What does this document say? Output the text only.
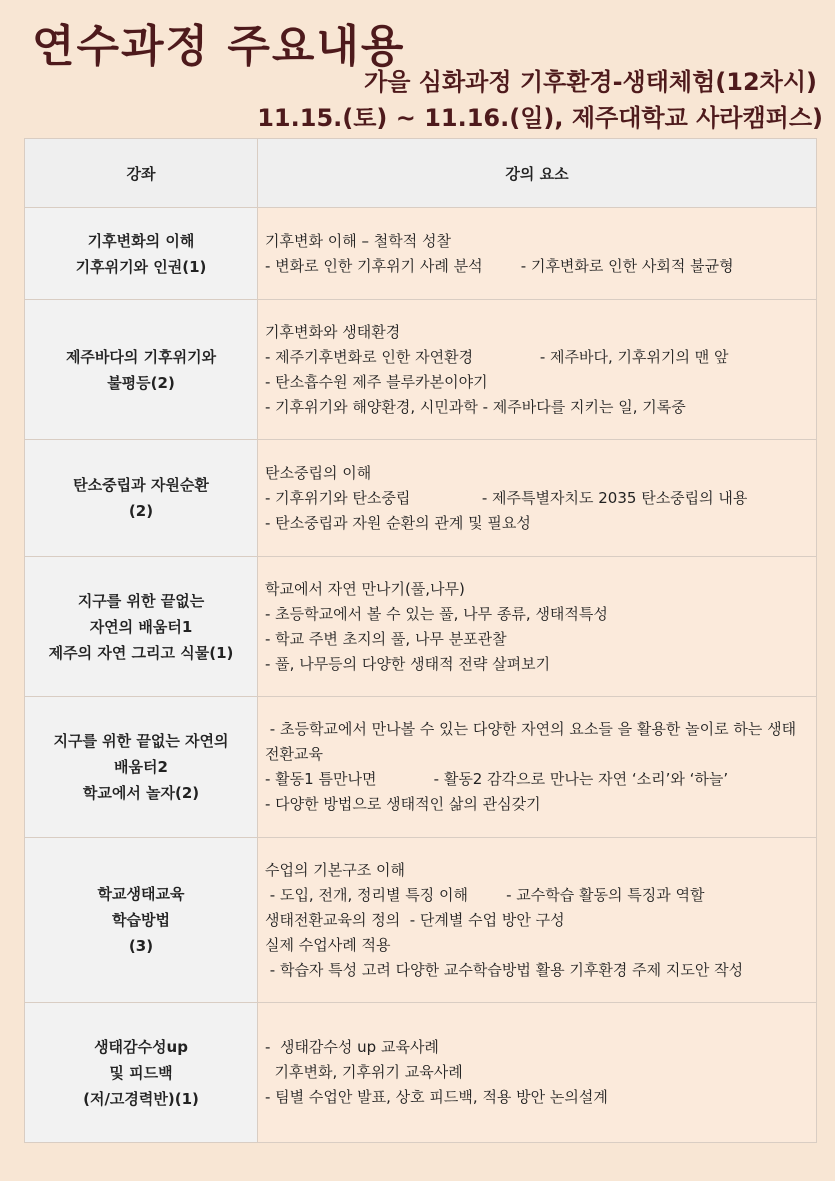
연수과정 주요내용
가을 심화과정 기후환경-생태체험(12차시)
11.15.(토) ~ 11.16.(일), 제주대학교 사라캠퍼스)
강좌	강의 요소

기후변화의 이해
기후위기와 인권(1)	기후변화 이해 – 철학적 성찰
- 변화로 인한 기후위기 사례 분석        - 기후변화로 인한 사회적 불균형

제주바다의 기후위기와
불평등(2)	기후변화와 생태환경
- 제주기후변화로 인한 자연환경              - 제주바다, 기후위기의 맨 앞
- 탄소흡수원 제주 블루카본이야기
- 기후위기와 해양환경, 시민과학 - 제주바다를 지키는 일, 기록중

탄소중립과 자원순환
(2)	탄소중립의 이해
- 기후위기와 탄소중립               - 제주특별자치도 2035 탄소중립의 내용
- 탄소중립과 자원 순환의 관계 및 필요성

지구를 위한 끝없는
자연의 배움터1
제주의 자연 그리고 식물(1)	학교에서 자연 만나기(풀,나무)
- 초등학교에서 볼 수 있는 풀, 나무 종류, 생태적특성
- 학교 주변 초지의 풀, 나무 분포관찰
- 풀, 나무등의 다양한 생태적 전략 살펴보기

지구를 위한 끝없는 자연의
배움터2
학교에서 놀자(2)	- 초등학교에서 만나볼 수 있는 다양한 자연의 요소들 을 활용한 놀이로 하는 생태전환교육
- 활동1 틈만나면            - 활동2 감각으로 만나는 자연 ‘소리’와 ‘하늘’
- 다양한 방법으로 생태적인 삶의 관심갖기

학교생태교육
학습방법
(3)	수업의 기본구조 이해
- 도입, 전개, 정리별 특징 이해        - 교수학습 활동의 특징과 역할
생태전환교육의 정의  - 단계별 수업 방안 구성
실제 수업사례 적용
- 학습자 특성 고려 다양한 교수학습방법 활용 기후환경 주제 지도안 작성

생태감수성up
및 피드백
(저/고경력반)(1)	-  생태감수성 up 교육사례
기후변화, 기후위기 교육사례
- 팀별 수업안 발표, 상호 피드백, 적용 방안 논의설계
